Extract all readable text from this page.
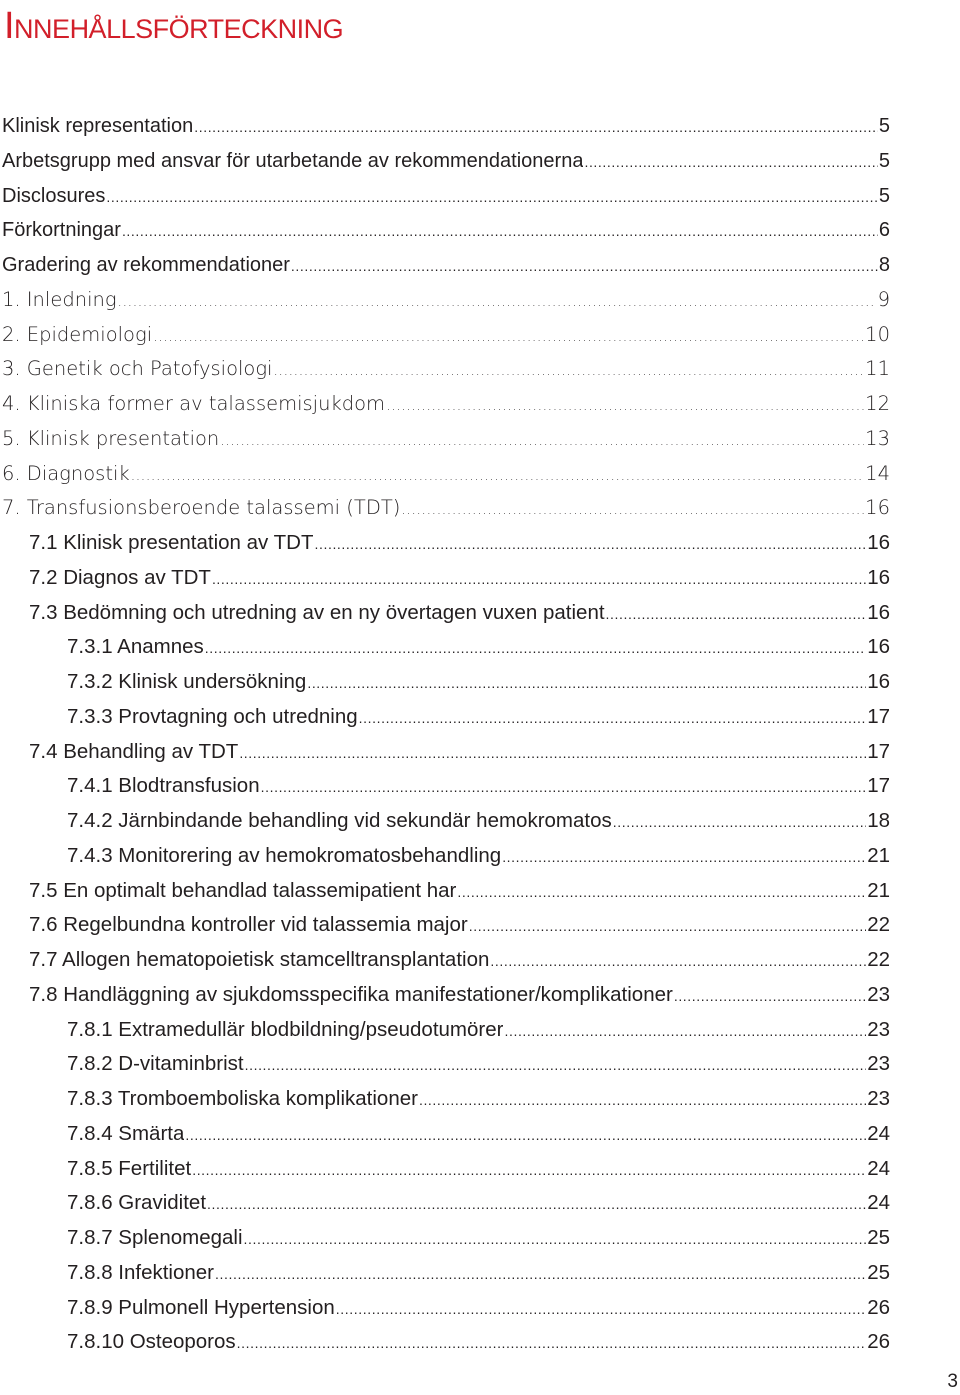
Innehållsförteckning
Klinisk representation .....	5
Arbetsgrupp med ansvar för utarbetande av rekommendationerna .....	5
Disclosures .....	5
Förkortningar .....	6
Gradering av rekommendationer .....	8
1. Inledning .....	9
2. Epidemiologi .....	10
3. Genetik och Patofysiologi .....	11
4. Kliniska former av talassemisjukdom .....	12
5. Klinisk presentation .....	13
6. Diagnostik .....	14
7. Transfusionsberoende talassemi (TDT) .....	16
7.1 Klinisk presentation av TDT .....	16
7.2 Diagnos av TDT .....	16
7.3 Bedömning och utredning av en ny övertagen vuxen patient .....	16
7.3.1 Anamnes .....	16
7.3.2 Klinisk undersökning .....	16
7.3.3 Provtagning och utredning .....	17
7.4 Behandling av TDT .....	17
7.4.1 Blodtransfusion .....	17
7.4.2 Järnbindande behandling vid sekundär hemokromatos .....	18
7.4.3 Monitorering av hemokromatosbehandling .....	21
7.5 En optimalt behandlad talassemipatient har .....	21
7.6 Regelbundna kontroller vid talassemia major .....	22
7.7 Allogen hematopoietisk stamcelltransplantation .....	22
7.8 Handläggning av sjukdomsspecifika manifestationer/komplikationer .....	23
7.8.1 Extramedullär blodbildning/pseudotumörer .....	23
7.8.2 D-vitaminbrist .....	23
7.8.3 Tromboemboliska komplikationer .....	23
7.8.4 Smärta .....	24
7.8.5 Fertilitet .....	24
7.8.6 Graviditet .....	24
7.8.7 Splenomegali .....	25
7.8.8 Infektioner .....	25
7.8.9 Pulmonell Hypertension .....	26
7.8.10 Osteoporos .....	26
3
